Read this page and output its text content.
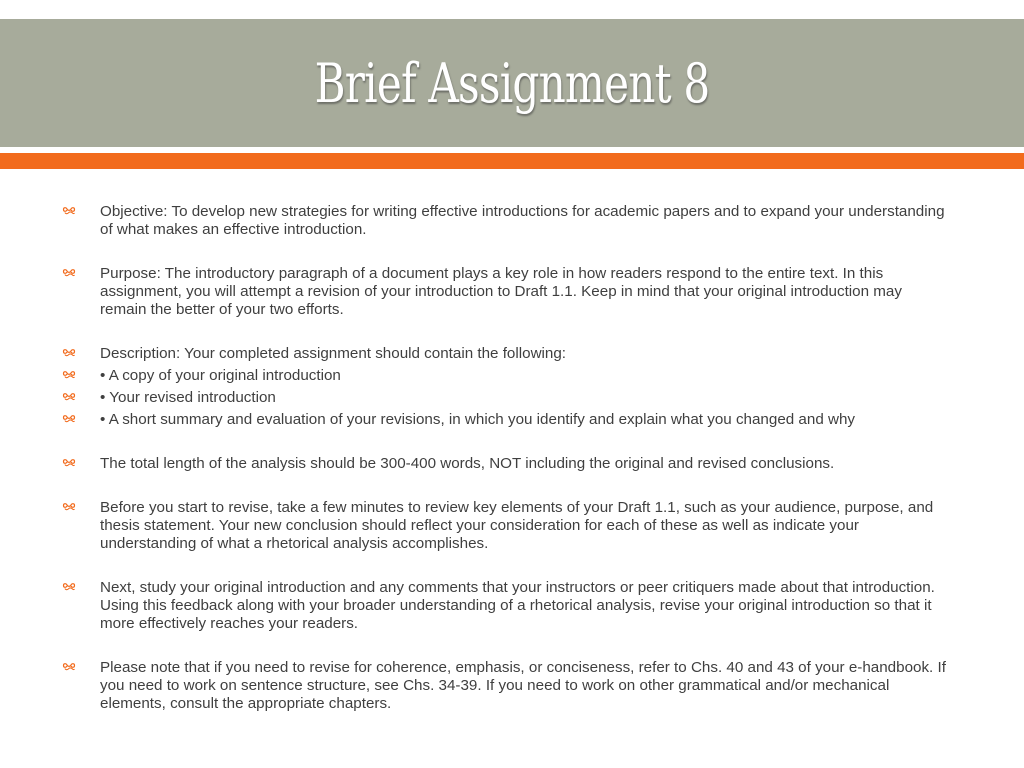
Brief Assignment 8
Objective: To develop new strategies for writing effective introductions for academic papers and to expand your understanding of what makes an effective introduction.
Purpose: The introductory paragraph of a document plays a key role in how readers respond to the entire text. In this assignment, you will attempt a revision of your introduction to Draft 1.1. Keep in mind that your original introduction may remain the better of your two efforts.
Description: Your completed assignment should contain the following:
• A copy of your original introduction
• Your revised introduction
• A short summary and evaluation of your revisions, in which you identify and explain what you changed and why
The total length of the analysis should be 300-400 words, NOT including the original and revised conclusions.
Before you start to revise, take a few minutes to review key elements of your Draft 1.1, such as your audience, purpose, and thesis statement. Your new conclusion should reflect your consideration for each of these as well as indicate your understanding of what a rhetorical analysis accomplishes.
Next, study your original introduction and any comments that your instructors or peer critiquers made about that introduction. Using this feedback along with your broader understanding of a rhetorical analysis, revise your original introduction so that it more effectively reaches your readers.
Please note that if you need to revise for coherence, emphasis, or conciseness, refer to Chs. 40 and 43 of your e-handbook. If you need to work on sentence structure, see Chs. 34-39. If you need to work on other grammatical and/or mechanical elements, consult the appropriate chapters.
